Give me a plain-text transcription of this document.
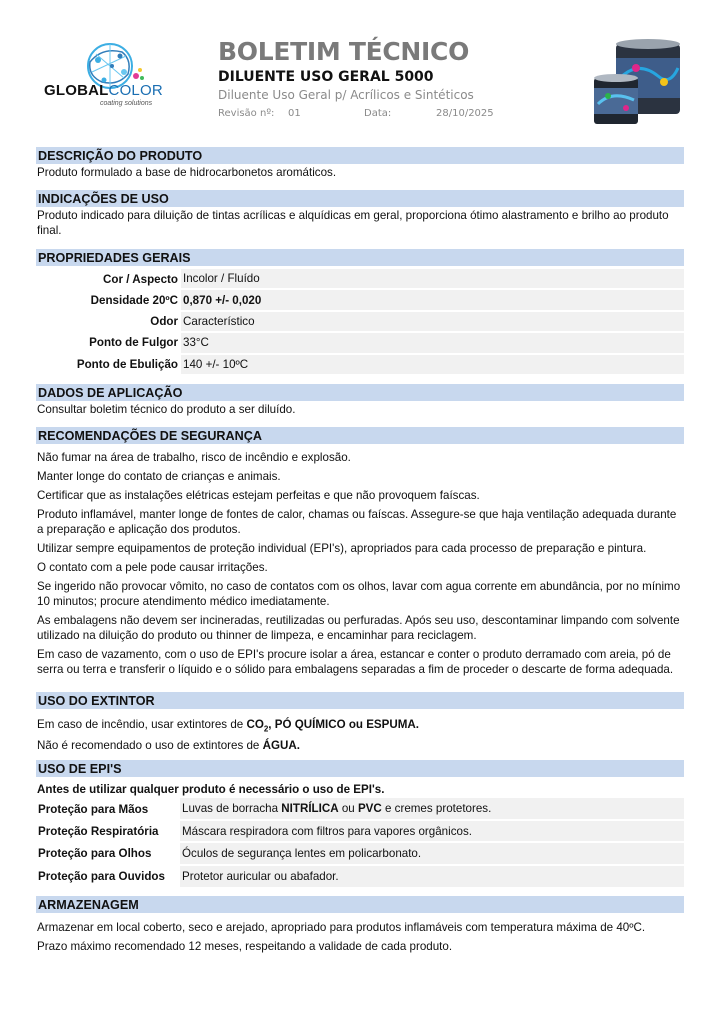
GLOBALCOLOR
coating solutions
BOLETIM TÉCNICO
DILUENTE USO GERAL 5000
Diluente Uso Geral p/ Acrílicos e Sintéticos
Revisão nº: 01	Data:	28/10/2025
DESCRIÇÃO DO PRODUTO
Produto formulado a base de hidrocarbonetos aromáticos.
INDICAÇÕES DE USO
Produto indicado para diluição de tintas acrílicas e alquídicas em geral, proporciona ótimo alastramento e brilho ao produto final.
PROPRIEDADES GERAIS
Cor / Aspecto	Incolor / Fluído
Densidade 20ºC	0,870 +/- 0,020
Odor	Característico
Ponto de Fulgor	33°C
Ponto de Ebulição	140 +/- 10ºC
DADOS DE APLICAÇÃO
Consultar boletim técnico do produto a ser diluído.
RECOMENDAÇÕES DE SEGURANÇA
Não fumar na área de trabalho, risco de incêndio e explosão.
Manter longe do contato de crianças e animais.
Certificar que as instalações elétricas estejam perfeitas e que não provoquem faíscas.
Produto inflamável, manter longe de fontes de calor, chamas ou faíscas. Assegure-se que haja ventilação adequada durante a preparação e aplicação dos produtos.
Utilizar sempre equipamentos de proteção individual (EPI's), apropriados para cada processo de preparação e pintura.
O contato com a pele pode causar irritações.
Se ingerido não provocar vômito, no caso de contatos com os olhos, lavar com agua corrente em abundância, por no mínimo 10 minutos; procure atendimento médico imediatamente.
As embalagens não devem ser incineradas, reutilizadas ou perfuradas. Após seu uso, descontaminar limpando com solvente utilizado na diluição do produto ou thinner de limpeza, e encaminhar para reciclagem.
Em caso de vazamento, com o uso de EPI's procure isolar a área, estancar e conter o produto derramado com areia, pó de serra ou terra e transferir o líquido e o sólido para embalagens separadas a fim de proceder o descarte de forma adequada.
USO DO EXTINTOR
Em caso de incêndio, usar extintores de $CO_2$, PÓ QUÍMICO ou ESPUMA.
Não é recomendado o uso de extintores de ÁGUA.
USO DE EPI'S
Antes de utilizar qualquer produto é necessário o uso de EPI's.
Proteção para Mãos	Luvas de borracha NITRÍLICA ou PVC e cremes protetores.
Proteção Respiratória	Máscara respiradora com filtros para vapores orgânicos.
Proteção para Olhos	Óculos de segurança lentes em policarbonato.
Proteção para Ouvidos	Protetor auricular ou abafador.
ARMAZENAGEM
Armazenar em local coberto, seco e arejado, apropriado para produtos inflamáveis com temperatura máxima de 40ºC.
Prazo máximo recomendado 12 meses, respeitando a validade de cada produto.
